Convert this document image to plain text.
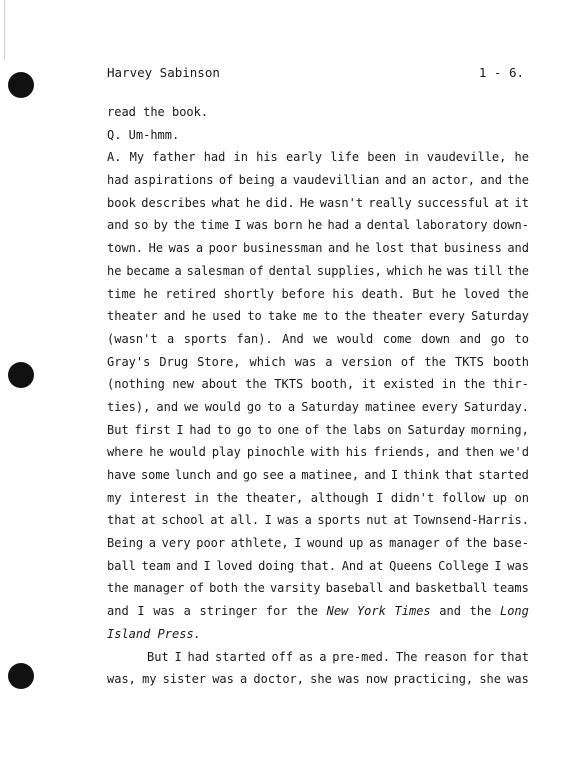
Harvey Sabinson	1 - 6.
read the book.
Q. Um-hmm.
A. My father had in his early life been in vaudeville, he
had aspirations of being a vaudevillian and an actor, and the
book describes what he did. He wasn't really successful at it
and so by the time I was born he had a dental laboratory down-
town. He was a poor businessman and he lost that business and
he became a salesman of dental supplies, which he was till the
time he retired shortly before his death. But he loved the
theater and he used to take me to the theater every Saturday
(wasn't a sports fan). And we would come down and go to
Gray's Drug Store, which was a version of the TKTS booth
(nothing new about the TKTS booth, it existed in the thir-
ties), and we would go to a Saturday matinee every Saturday.
But first I had to go to one of the labs on Saturday morning,
where he would play pinochle with his friends, and then we'd
have some lunch and go see a matinee, and I think that started
my interest in the theater, although I didn't follow up on
that at school at all. I was a sports nut at Townsend-Harris.
Being a very poor athlete, I wound up as manager of the base-
ball team and I loved doing that. And at Queens College I was
the manager of both the varsity baseball and basketball teams
and I was a stringer for the New York Times and the Long
Island Press.
But I had started off as a pre-med. The reason for that
was, my sister was a doctor, she was now practicing, she was
